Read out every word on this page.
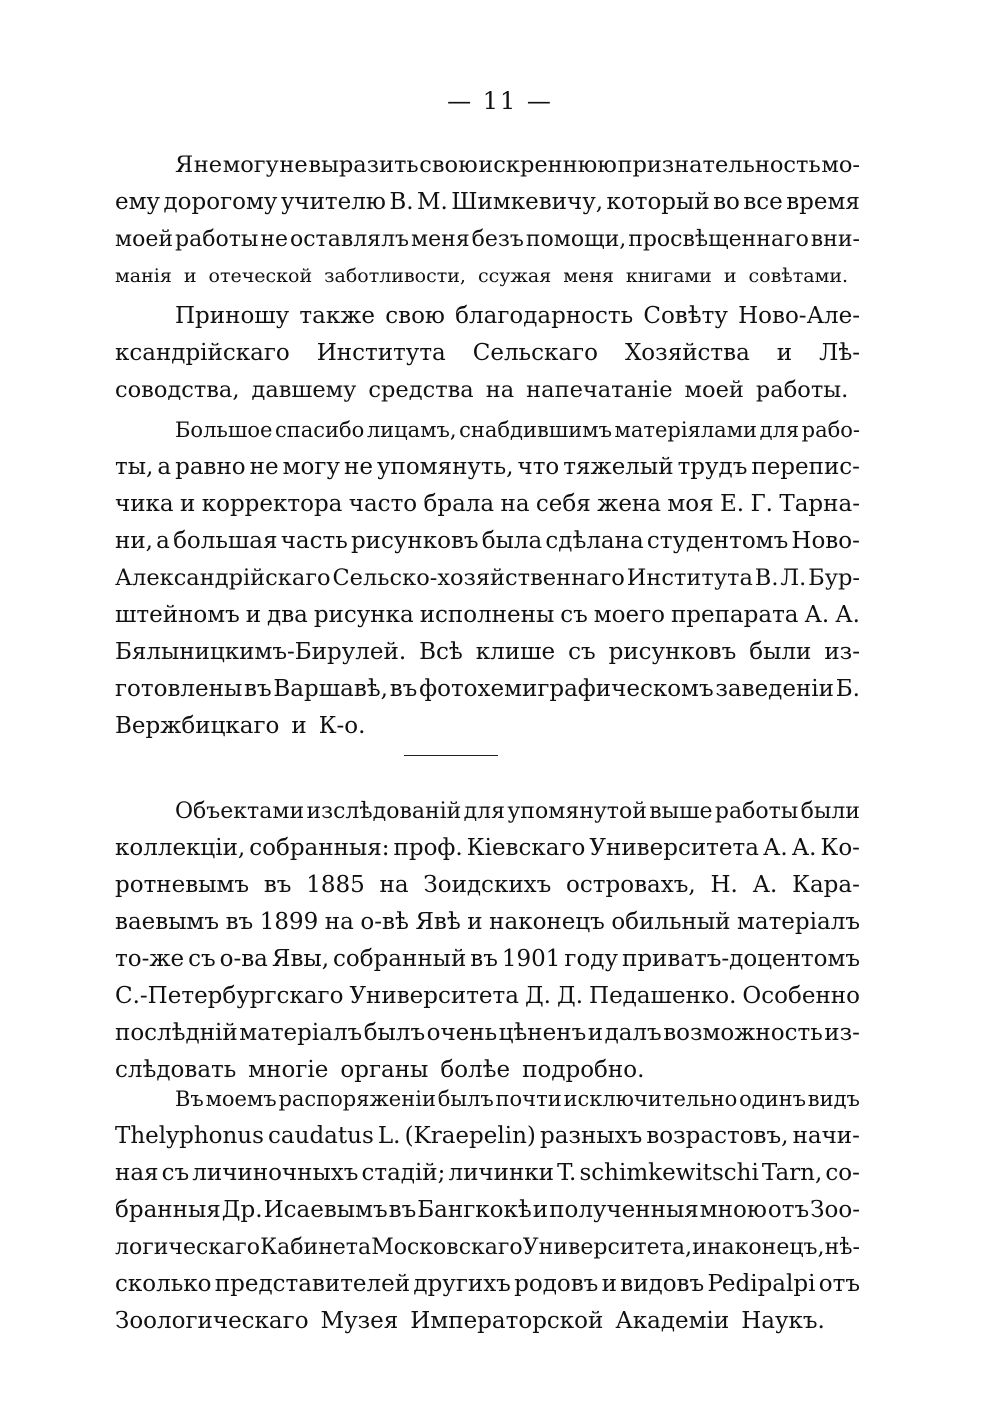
— 11 —
Я не могу не выразить свою искреннюю признательность мо-
ему дорогому учителю В. М. Шимкевичу, который во все время
моей работы не оставлялъ меня безъ помощи, просвѣщеннаго вни-
манія и отеческой заботливости, ссужая меня книгами и совѣтами.
Приношу также свою благодарность Совѣту Ново-Але-
ксандрійскаго Института Сельскаго Хозяйства и Лѣ-
соводства, давшему средства на напечатаніе моей работы.
Большое спасибо лицамъ, снабдившимъ матеріялами для рабо-
ты, а равно не могу не упомянуть, что тяжелый трудъ перепис-
чика и корректора часто брала на себя жена моя Е. Г. Тарна-
ни, а большая часть рисунковъ была сдѣлана студентомъ Ново-
Александрійскаго Сельско-хозяйственнаго Института В. Л. Бур-
штейномъ и два рисунка исполнены съ моего препарата А. А.
Бялыницкимъ-Бирулей. Всѣ клише съ рисунковъ были из-
готовлены въ Варшавѣ, въ фотохемиграфическомъ заведеніи Б.
Вержбицкаго и К-о.
Объектами изслѣдованій для упомянутой выше работы были
коллекціи, собранныя: проф. Кіевскаго Университета А. А. Ко-
ротневымъ въ 1885 на Зоидскихъ островахъ, Н. А. Кара-
ваевымъ въ 1899 на о-вѣ Явѣ и наконецъ обильный матеріалъ
то-же съ о-ва Явы, собранный въ 1901 году приватъ-доцентомъ
С.-Петербургскаго Университета Д. Д. Педашенко. Особенно
послѣдній матеріалъ былъ очень цѣненъ и далъ возможность из-
слѣдовать многіе органы болѣе подробно.
Въ моемъ распоряженіи былъ почти исключительно одинъ видъ
Thelyphonus caudatus L. (Kraepelin) разныхъ возрастовъ, начи-
ная съ личиночныхъ стадій; личинки T. schimkewitschi Tarn, со-
бранныя Др. Исаевымъ въ Бангкокѣ и полученныя мною отъ Зоо-
логическаго Кабинета Московскаго Университета, и наконецъ, нѣ-
сколько представителей другихъ родовъ и видовъ Pedipalpi отъ
Зоологическаго Музея Императорской Академіи Наукъ.
